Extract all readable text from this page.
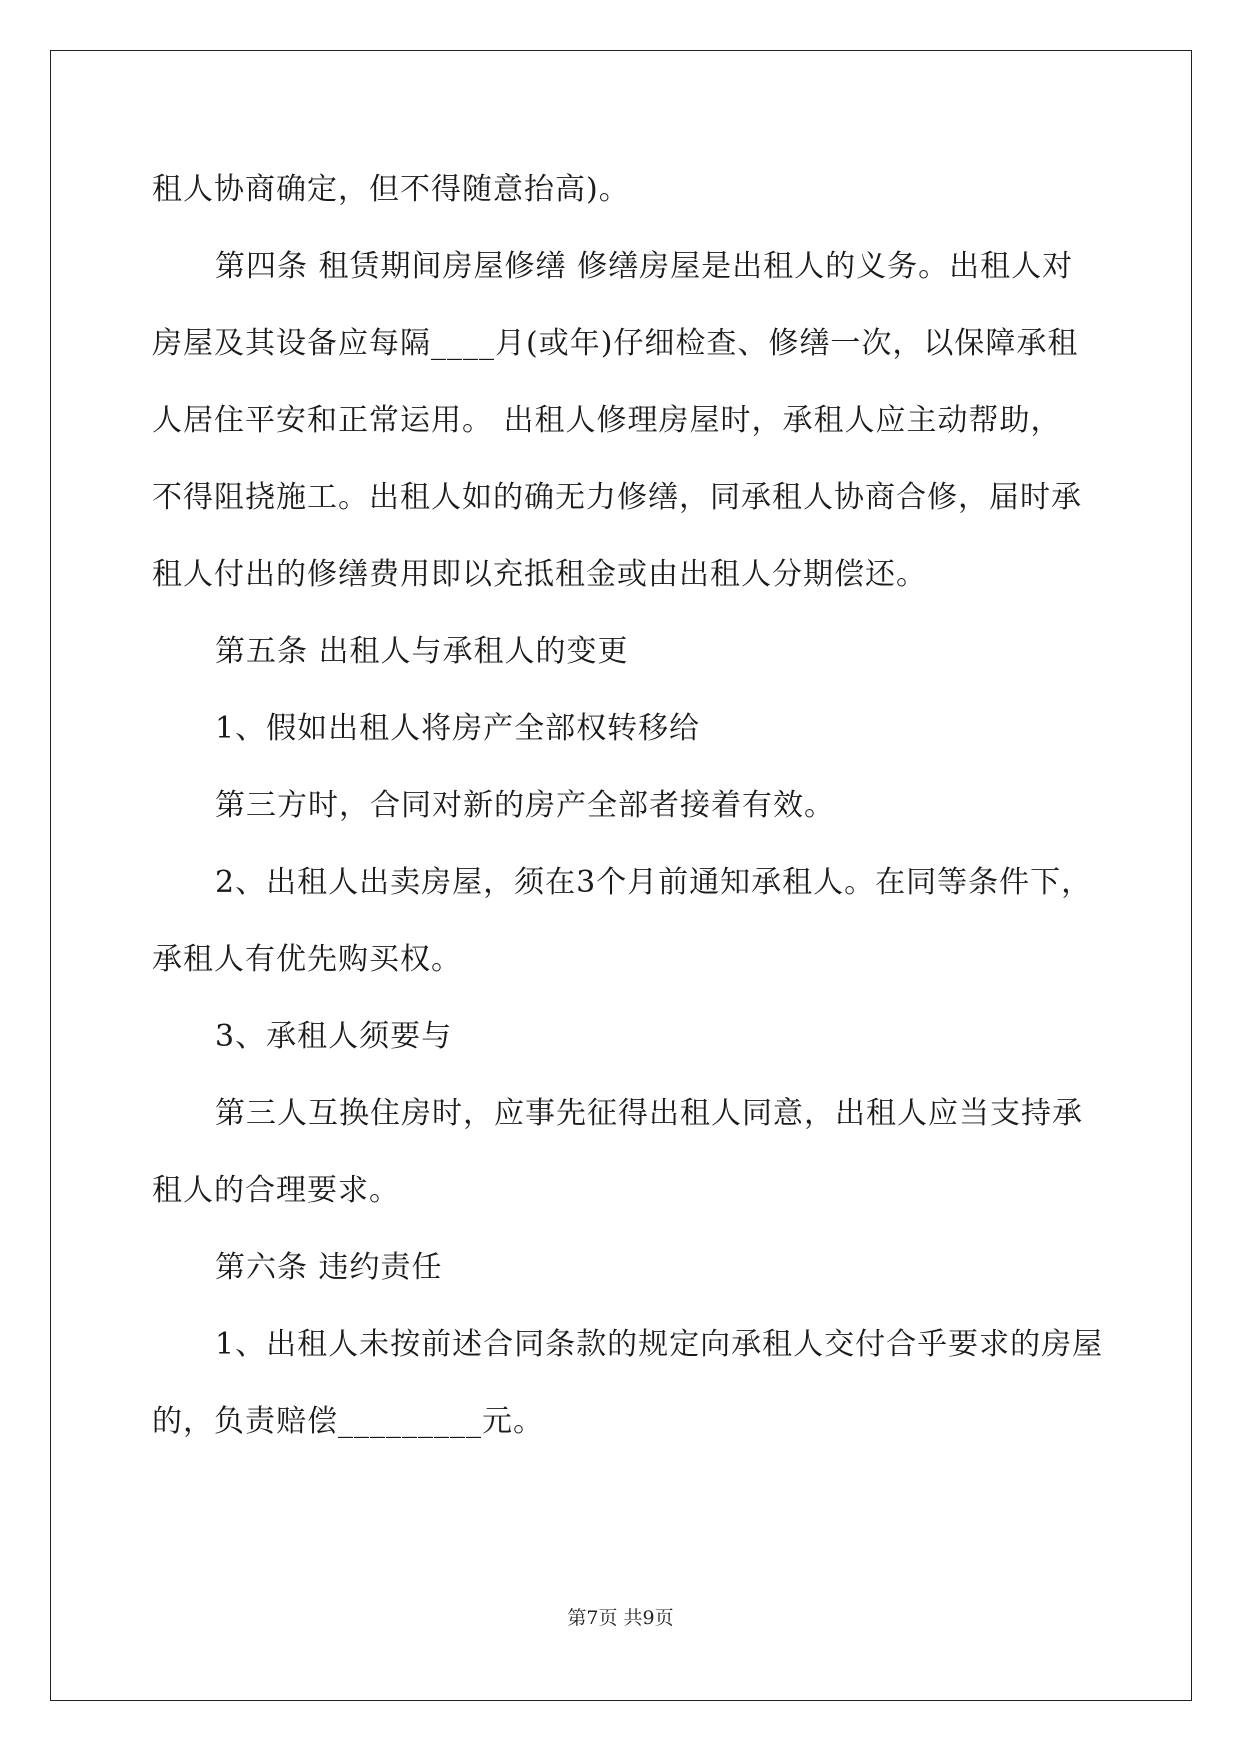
租人协商确定，但不得随意抬高)。
第四条 租赁期间房屋修缮 修缮房屋是出租人的义务。出租人对
房屋及其设备应每隔____月(或年)仔细检查、修缮一次，以保障承租
人居住平安和正常运用。 出租人修理房屋时，承租人应主动帮助，
不得阻挠施工。出租人如的确无力修缮，同承租人协商合修，届时承
租人付出的修缮费用即以充抵租金或由出租人分期偿还。
第五条 出租人与承租人的变更
1、假如出租人将房产全部权转移给
第三方时，合同对新的房产全部者接着有效。
2、出租人出卖房屋，须在3个月前通知承租人。在同等条件下，
承租人有优先购买权。
3、承租人须要与
第三人互换住房时，应事先征得出租人同意，出租人应当支持承
租人的合理要求。
第六条 违约责任
1、出租人未按前述合同条款的规定向承租人交付合乎要求的房屋
的，负责赔偿_________元。
第7页 共9页
